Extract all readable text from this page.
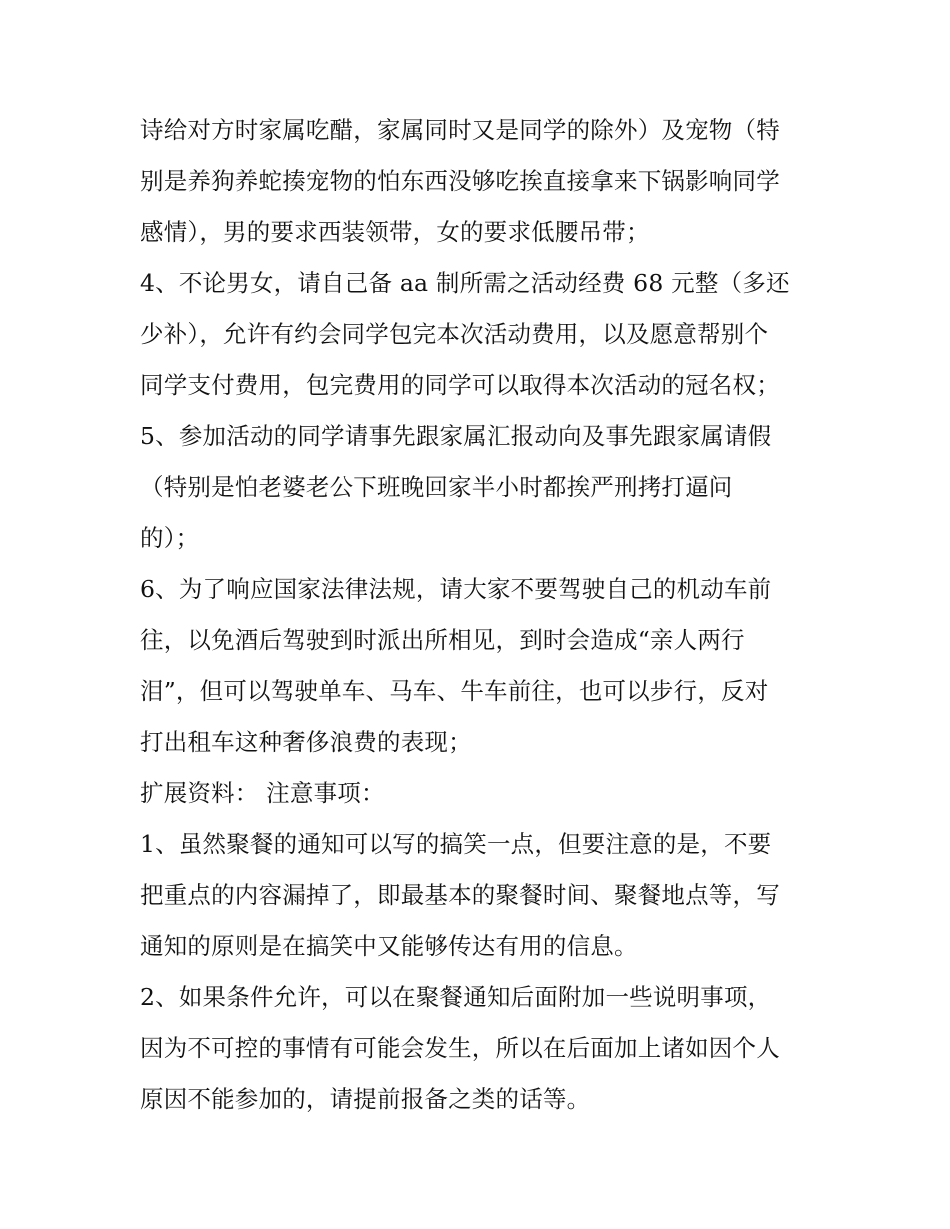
诗给对方时家属吃醋，家属同时又是同学的除外）及宠物（特
别是养狗养蛇揍宠物的怕东西没够吃挨直接拿来下锅影响同学
感情），男的要求西装领带，女的要求低腰吊带；
4、不论男女，请自己备 aa 制所需之活动经费 68 元整（多还
少补），允许有约会同学包完本次活动费用，以及愿意帮别个
同学支付费用，包完费用的同学可以取得本次活动的冠名权；
5、参加活动的同学请事先跟家属汇报动向及事先跟家属请假
（特别是怕老婆老公下班晚回家半小时都挨严刑拷打逼问
的）；
6、为了响应国家法律法规，请大家不要驾驶自己的机动车前
往，以免酒后驾驶到时派出所相见，到时会造成“亲人两行
泪”，但可以驾驶单车、马车、牛车前往，也可以步行，反对
打出租车这种奢侈浪费的表现；
扩展资料： 注意事项：
1、虽然聚餐的通知可以写的搞笑一点，但要注意的是，不要
把重点的内容漏掉了，即最基本的聚餐时间、聚餐地点等，写
通知的原则是在搞笑中又能够传达有用的信息。
2、如果条件允许，可以在聚餐通知后面附加一些说明事项，
因为不可控的事情有可能会发生，所以在后面加上诸如因个人
原因不能参加的，请提前报备之类的话等。
